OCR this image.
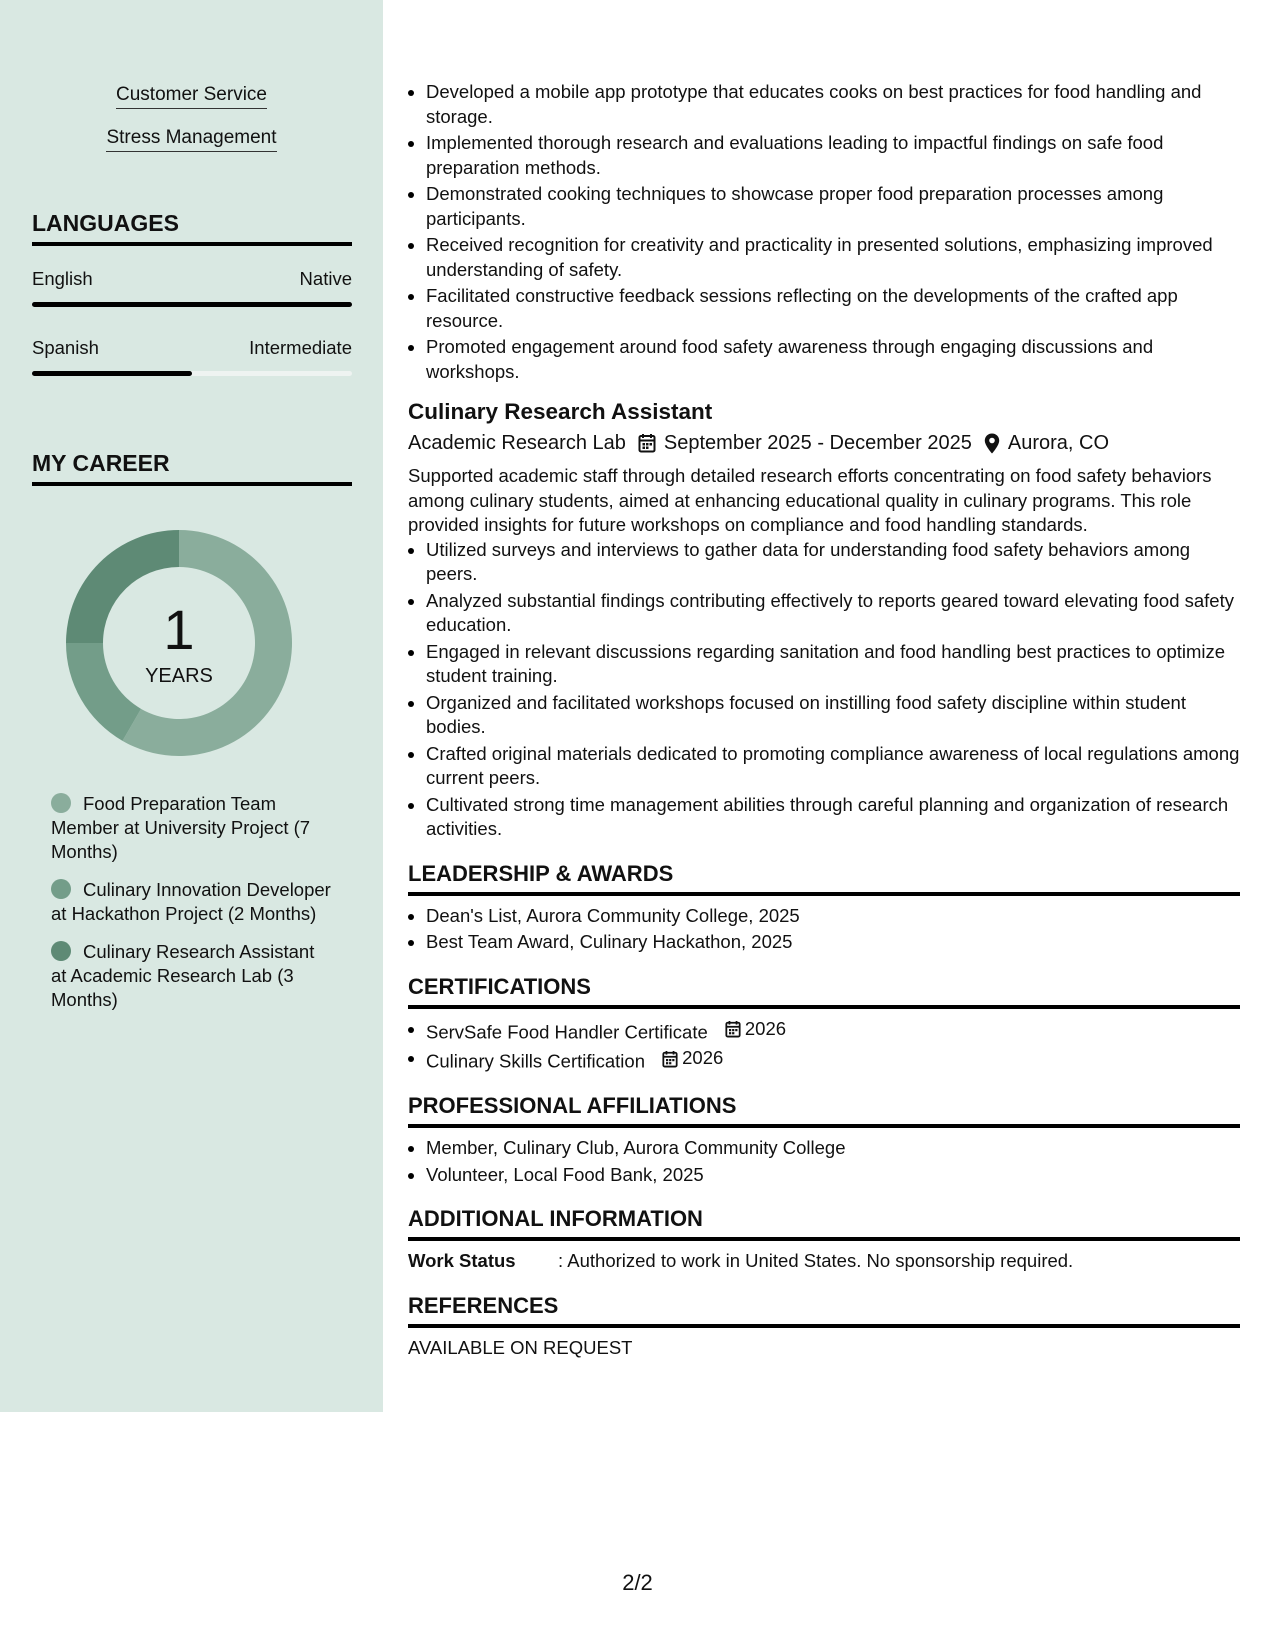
Customer Service
Stress Management
LANGUAGES
English	Native
Spanish	Intermediate
MY CAREER
1
YEARS
Food Preparation Team Member at University Project (7 Months)
Culinary Innovation Developer at Hackathon Project (2 Months)
Culinary Research Assistant at Academic Research Lab (3 Months)
Developed a mobile app prototype that educates cooks on best practices for food handling and storage.
Implemented thorough research and evaluations leading to impactful findings on safe food preparation methods.
Demonstrated cooking techniques to showcase proper food preparation processes among participants.
Received recognition for creativity and practicality in presented solutions, emphasizing improved understanding of safety.
Facilitated constructive feedback sessions reflecting on the developments of the crafted app resource.
Promoted engagement around food safety awareness through engaging discussions and workshops.
Culinary Research Assistant
Academic Research Lab September 2025 - December 2025 Aurora, CO
Supported academic staff through detailed research efforts concentrating on food safety behaviors among culinary students, aimed at enhancing educational quality in culinary programs. This role provided insights for future workshops on compliance and food handling standards.
Utilized surveys and interviews to gather data for understanding food safety behaviors among peers.
Analyzed substantial findings contributing effectively to reports geared toward elevating food safety education.
Engaged in relevant discussions regarding sanitation and food handling best practices to optimize student training.
Organized and facilitated workshops focused on instilling food safety discipline within student bodies.
Crafted original materials dedicated to promoting compliance awareness of local regulations among current peers.
Cultivated strong time management abilities through careful planning and organization of research activities.
LEADERSHIP & AWARDS
Dean's List, Aurora Community College, 2025
Best Team Award, Culinary Hackathon, 2025
CERTIFICATIONS
ServSafe Food Handler Certificate 2026
Culinary Skills Certification 2026
PROFESSIONAL AFFILIATIONS
Member, Culinary Club, Aurora Community College
Volunteer, Local Food Bank, 2025
ADDITIONAL INFORMATION
Work Status	: Authorized to work in United States. No sponsorship required.
REFERENCES
AVAILABLE ON REQUEST
2/2
